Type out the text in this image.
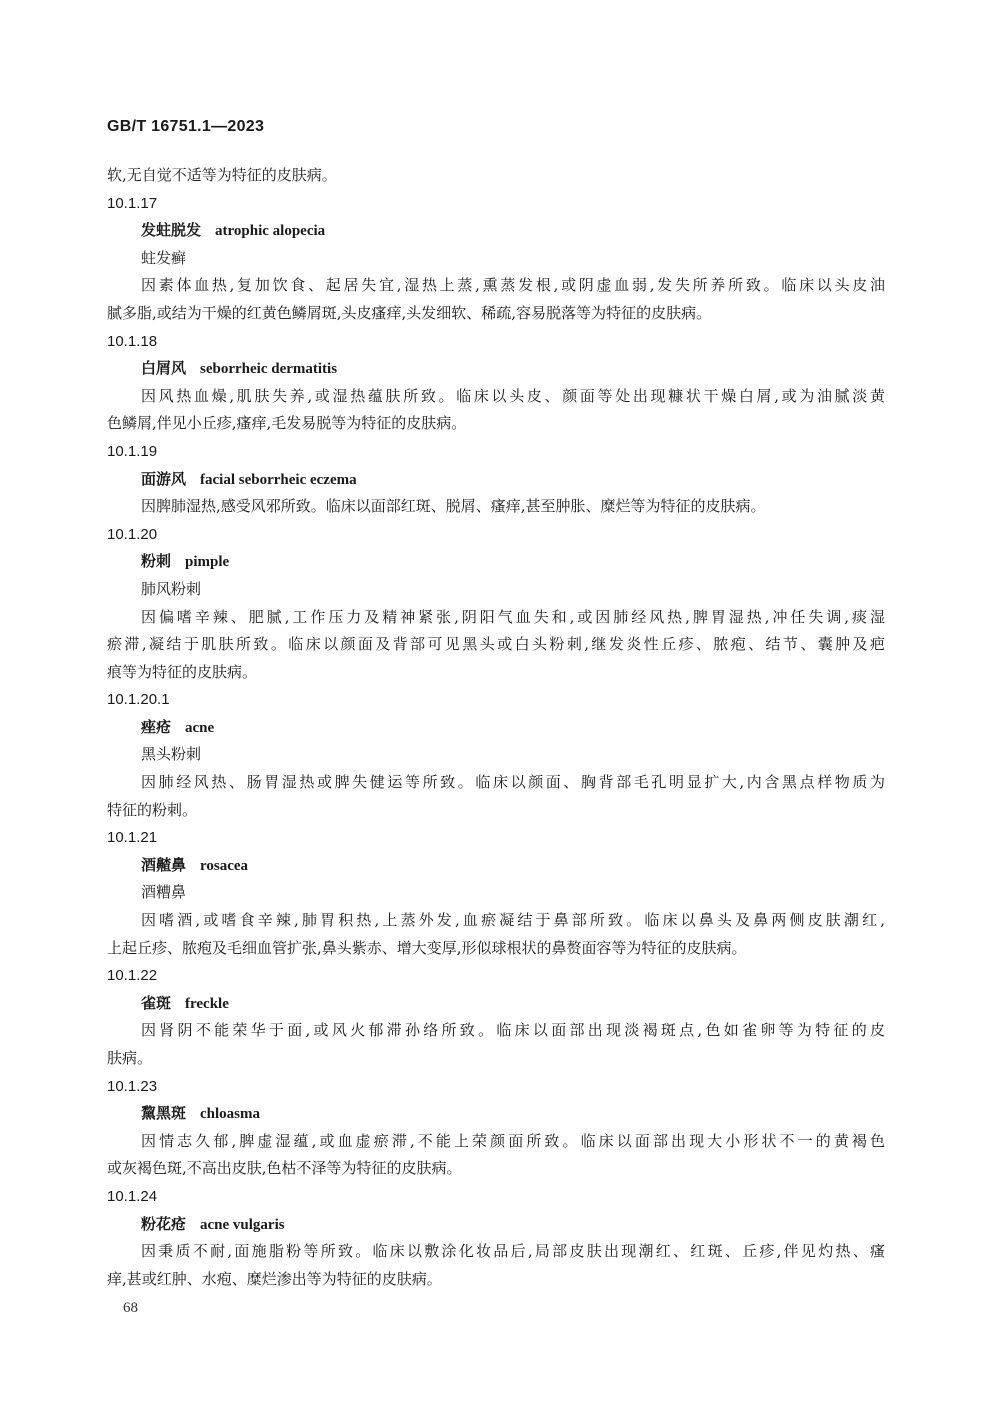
GB/T 16751.1—2023
软,无自觉不适等为特征的皮肤病。
10.1.17
发蛀脱发 atrophic alopecia
蛀发癣
因素体血热,复加饮食、起居失宜,湿热上蒸,熏蒸发根,或阴虚血弱,发失所养所致。临床以头皮油
腻多脂,或结为干燥的红黄色鳞屑斑,头皮瘙痒,头发细软、稀疏,容易脱落等为特征的皮肤病。
10.1.18
白屑风 seborrheic dermatitis
因风热血燥,肌肤失养,或湿热蕴肤所致。临床以头皮、颜面等处出现糠状干燥白屑,或为油腻淡黄
色鳞屑,伴见小丘疹,瘙痒,毛发易脱等为特征的皮肤病。
10.1.19
面游风 facial seborrheic eczema
因脾肺湿热,感受风邪所致。临床以面部红斑、脱屑、瘙痒,甚至肿胀、糜烂等为特征的皮肤病。
10.1.20
粉刺 pimple
肺风粉刺
因偏嗜辛辣、肥腻,工作压力及精神紧张,阴阳气血失和,或因肺经风热,脾胃湿热,冲任失调,痰湿
瘀滞,凝结于肌肤所致。临床以颜面及背部可见黑头或白头粉刺,继发炎性丘疹、脓疱、结节、囊肿及疤
痕等为特征的皮肤病。
10.1.20.1
痤疮 acne
黑头粉刺
因肺经风热、肠胃湿热或脾失健运等所致。临床以颜面、胸背部毛孔明显扩大,内含黑点样物质为
特征的粉刺。
10.1.21
酒齄鼻 rosacea
酒糟鼻
因嗜酒,或嗜食辛辣,肺胃积热,上蒸外发,血瘀凝结于鼻部所致。临床以鼻头及鼻两侧皮肤潮红,
上起丘疹、脓疱及毛细血管扩张,鼻头紫赤、增大变厚,形似球根状的鼻赘面容等为特征的皮肤病。
10.1.22
雀斑 freckle
因肾阴不能荣华于面,或风火郁滞孙络所致。临床以面部出现淡褐斑点,色如雀卵等为特征的皮
肤病。
10.1.23
黧黑斑 chloasma
因情志久郁,脾虚湿蕴,或血虚瘀滞,不能上荣颜面所致。临床以面部出现大小形状不一的黄褐色
或灰褐色斑,不高出皮肤,色枯不泽等为特征的皮肤病。
10.1.24
粉花疮 acne vulgaris
因秉质不耐,面施脂粉等所致。临床以敷涂化妆品后,局部皮肤出现潮红、红斑、丘疹,伴见灼热、瘙
痒,甚或红肿、水疱、糜烂渗出等为特征的皮肤病。
68
